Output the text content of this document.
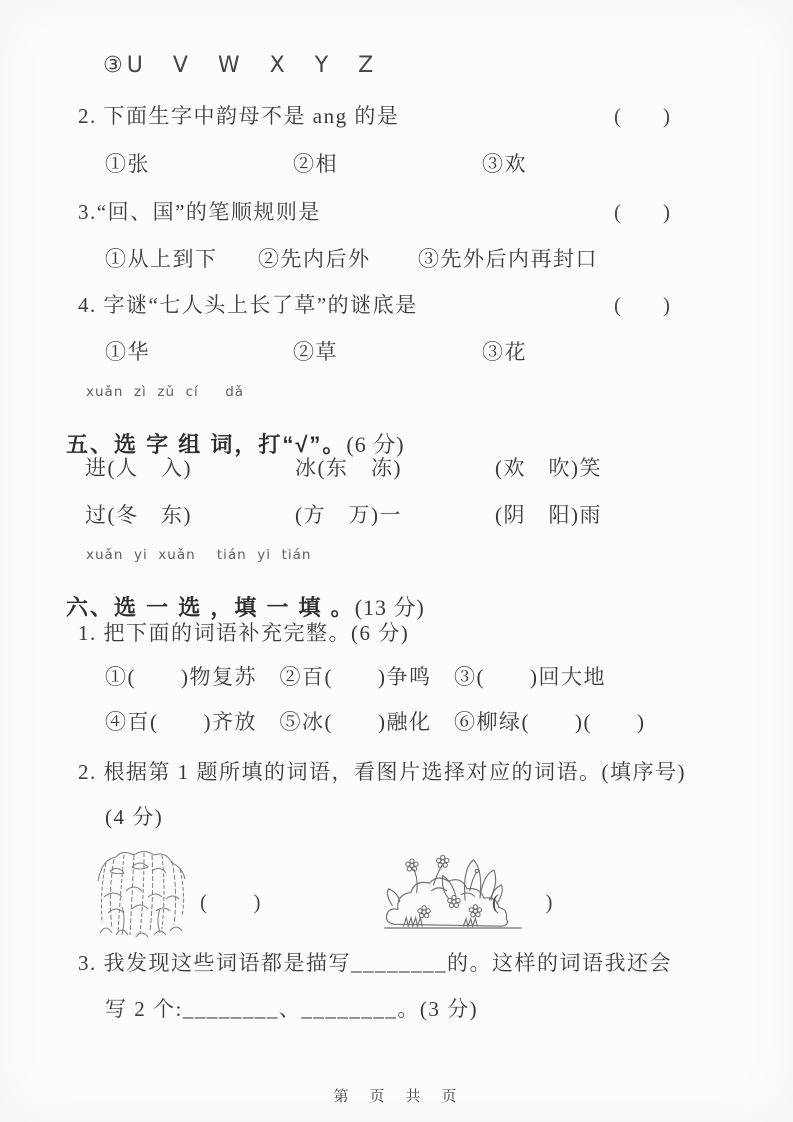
③U　V　W　X　Y　Z
2. 下面生字中韵母不是 ang 的是	(　　)
①张	②相	③欢
3.“回、国”的笔顺规则是	(　　)
①从上到下 ②先内后外 ③先外后内再封口
4. 字谜“七人头上长了草”的谜底是	(　　)
①华	②草	③花
xuǎn  zì  zǔ  cí     dǎ

五、选 字 组 词，打“√”。(6 分)

进(人　入)	冰(东　冻)	(欢　吹)笑
过(冬　东)	(方　万)一	(阴　阳)雨
xuǎn  yi  xuǎn    tián  yi  tián

六、选 一 选 ，填 一 填 。(13 分)

1. 把下面的词语补充完整。(6 分)
①(　　)物复苏　②百(　　)争鸣　③(　　)回大地
④百(　　)齐放　⑤冰(　　)融化　⑥柳绿(　　)(　　)
2. 根据第 1 题所填的词语，看图片选择对应的词语。(填序号)
(4 分)
(　　)	(　　)
3. 我发现这些词语都是描写________的。这样的词语我还会
写 2 个:________、________。(3 分)
第　页　共　页
